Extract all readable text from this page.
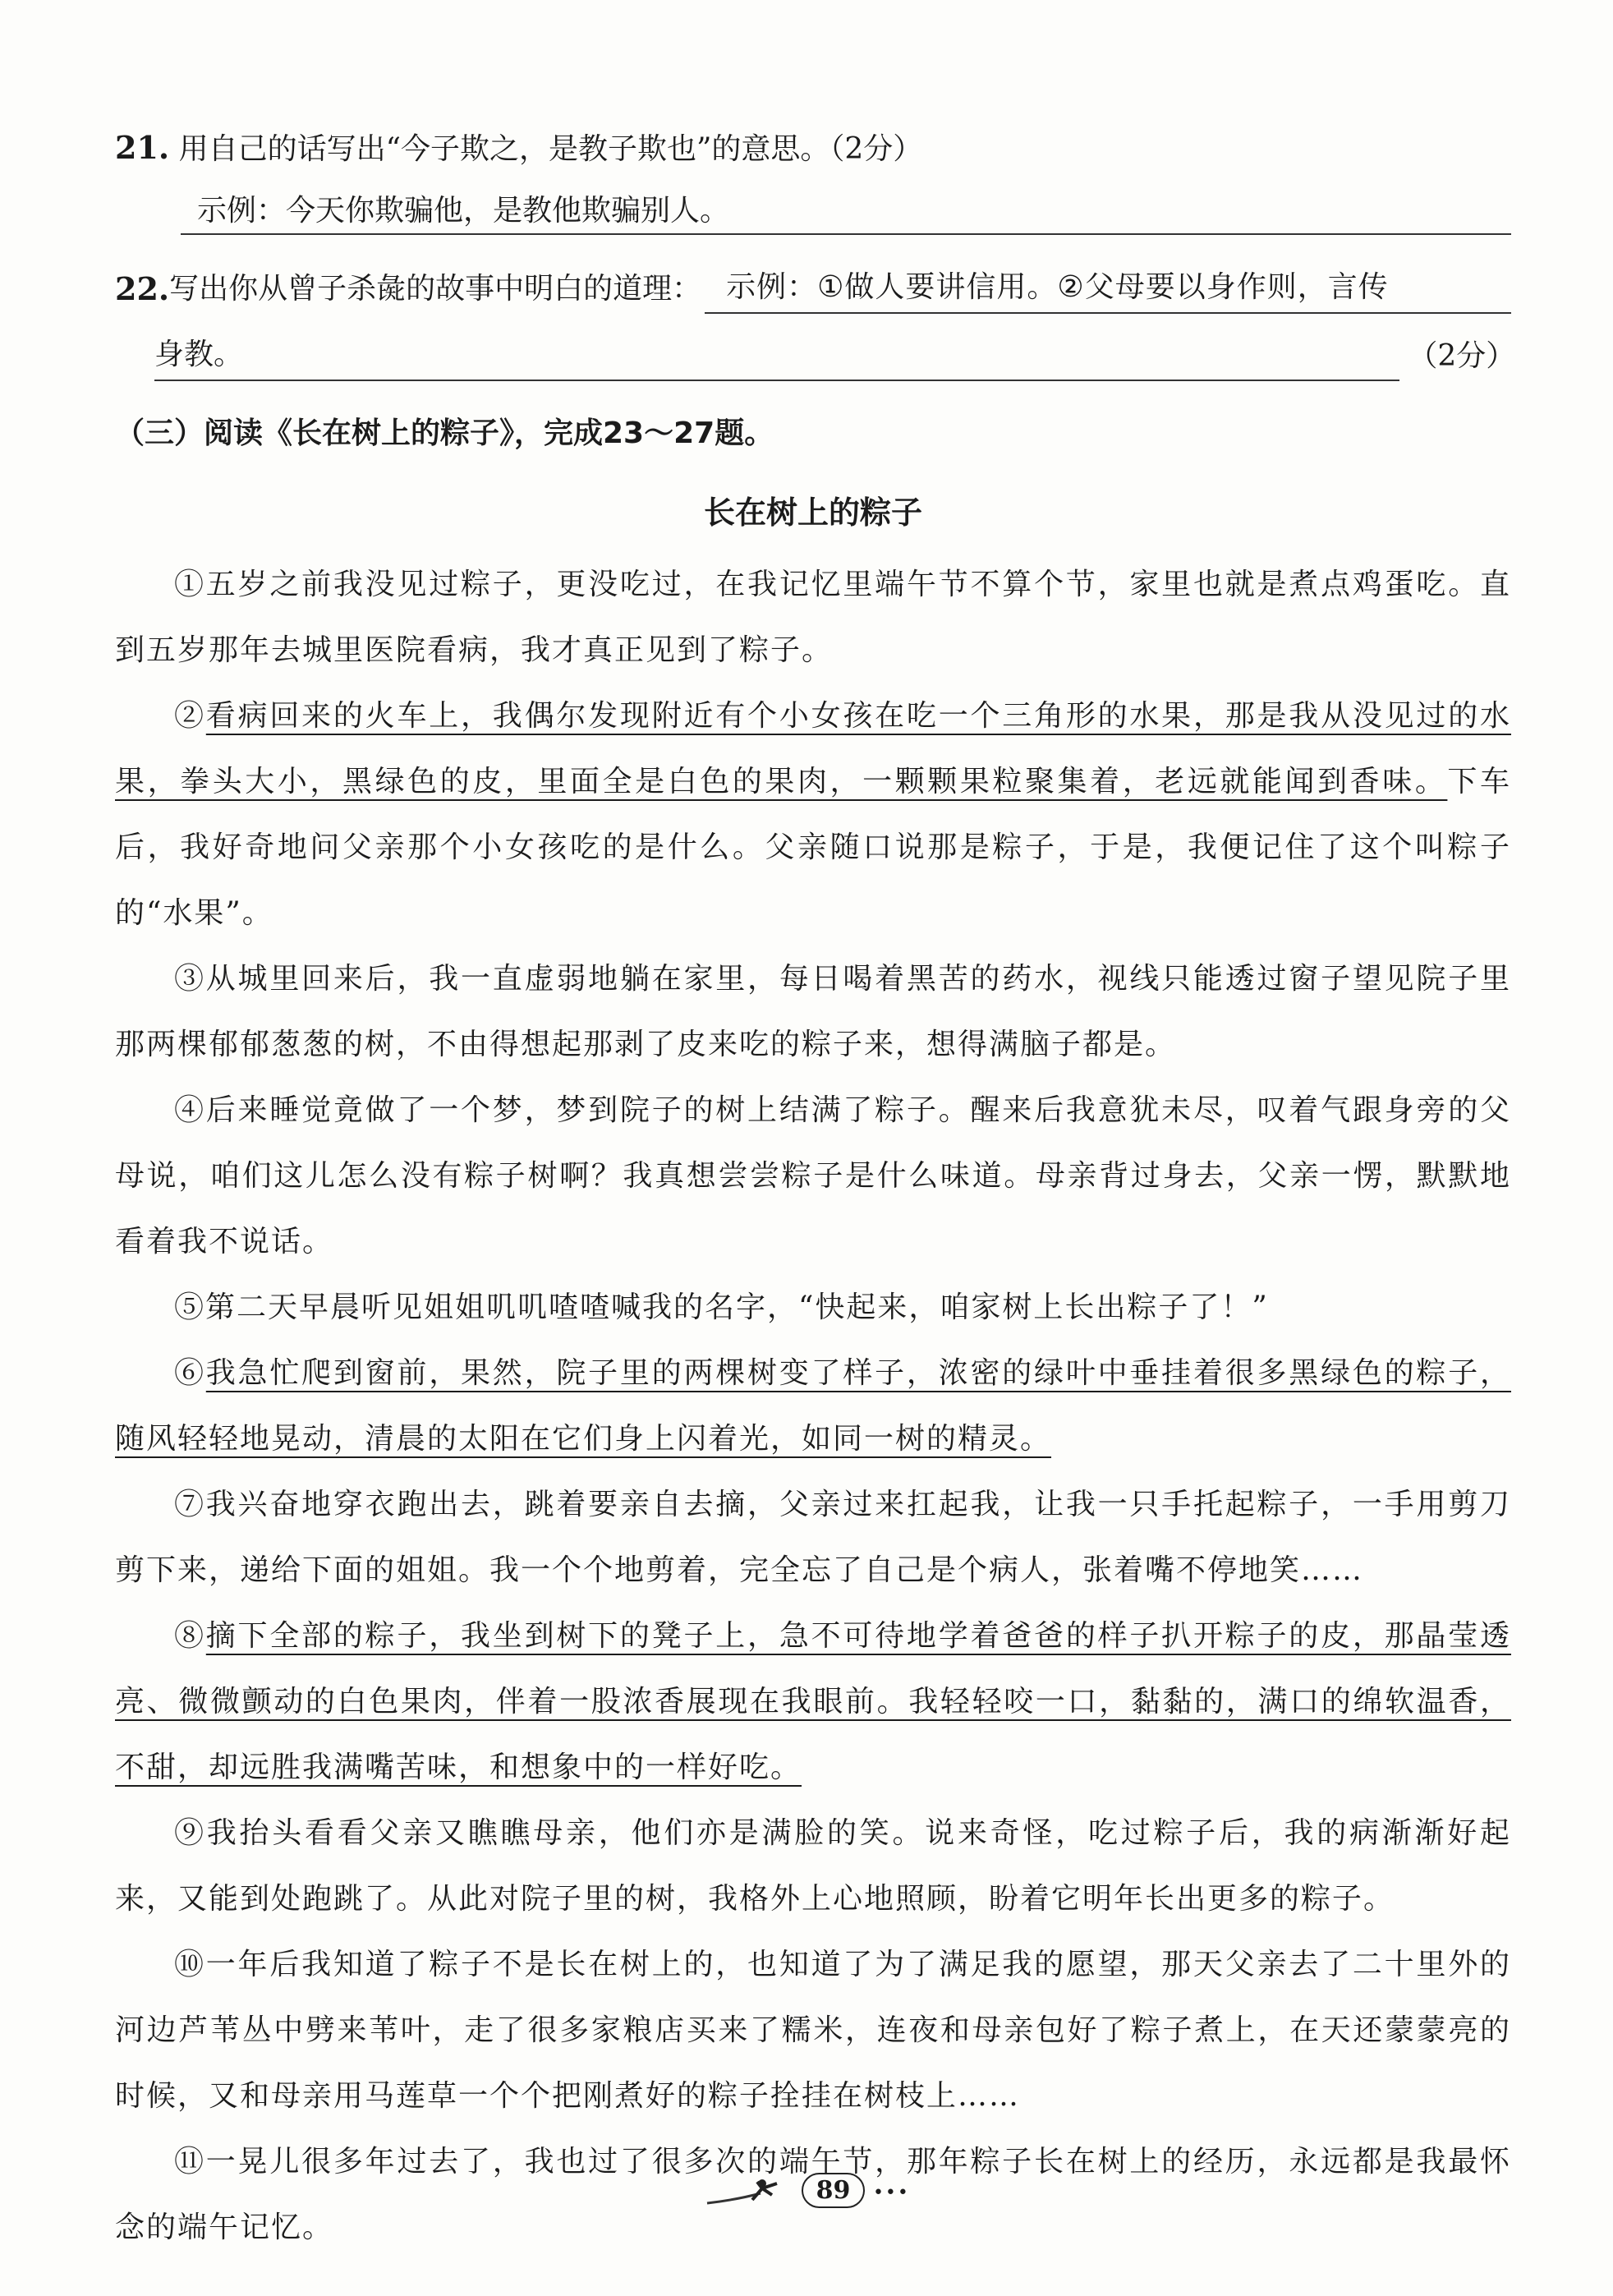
21. 用自己的话写出“今子欺之，是教子欺也”的意思。（2分）

示例：今天你欺骗他，是教他欺骗别人。
22. 写出你从曾子杀彘的故事中明白的道理： 示例：①做人要讲信用。②父母要以身作则，言传
身教。	（2分）
（三）阅读《长在树上的粽子》，完成23～27题。
长在树上的粽子

①五岁之前我没见过粽子，更没吃过，在我记忆里端午节不算个节，家里也就是煮点鸡蛋吃。直到五岁那年去城里医院看病，我才真正见到了粽子。

②看病回来的火车上，我偶尔发现附近有个小女孩在吃一个三角形的水果，那是我从没见过的水果，拳头大小，黑绿色的皮，里面全是白色的果肉，一颗颗果粒聚集着，老远就能闻到香味。下车后，我好奇地问父亲那个小女孩吃的是什么。父亲随口说那是粽子，于是，我便记住了这个叫粽子的“水果”。

③从城里回来后，我一直虚弱地躺在家里，每日喝着黑苦的药水，视线只能透过窗子望见院子里那两棵郁郁葱葱的树，不由得想起那剥了皮来吃的粽子来，想得满脑子都是。

④后来睡觉竟做了一个梦，梦到院子的树上结满了粽子。醒来后我意犹未尽，叹着气跟身旁的父母说，咱们这儿怎么没有粽子树啊？我真想尝尝粽子是什么味道。母亲背过身去，父亲一愣，默默地看着我不说话。

⑤第二天早晨听见姐姐叽叽喳喳喊我的名字，“快起来，咱家树上长出粽子了！”

⑥我急忙爬到窗前，果然，院子里的两棵树变了样子，浓密的绿叶中垂挂着很多黑绿色的粽子，随风轻轻地晃动，清晨的太阳在它们身上闪着光，如同一树的精灵。

⑦我兴奋地穿衣跑出去，跳着要亲自去摘，父亲过来扛起我，让我一只手托起粽子，一手用剪刀剪下来，递给下面的姐姐。我一个个地剪着，完全忘了自己是个病人，张着嘴不停地笑……

⑧摘下全部的粽子，我坐到树下的凳子上，急不可待地学着爸爸的样子扒开粽子的皮，那晶莹透亮、微微颤动的白色果肉，伴着一股浓香展现在我眼前。我轻轻咬一口，黏黏的，满口的绵软温香，不甜，却远胜我满嘴苦味，和想象中的一样好吃。

⑨我抬头看看父亲又瞧瞧母亲，他们亦是满脸的笑。说来奇怪，吃过粽子后，我的病渐渐好起来，又能到处跑跳了。从此对院子里的树，我格外上心地照顾，盼着它明年长出更多的粽子。

⑩一年后我知道了粽子不是长在树上的，也知道了为了满足我的愿望，那天父亲去了二十里外的河边芦苇丛中劈来苇叶，走了很多家粮店买来了糯米，连夜和母亲包好了粽子煮上，在天还蒙蒙亮的时候，又和母亲用马莲草一个个把刚煮好的粽子拴挂在树枝上……

⑪一晃儿很多年过去了，我也过了很多次的端午节，那年粽子长在树上的经历，永远都是我最怀念的端午记忆。

89 •••
